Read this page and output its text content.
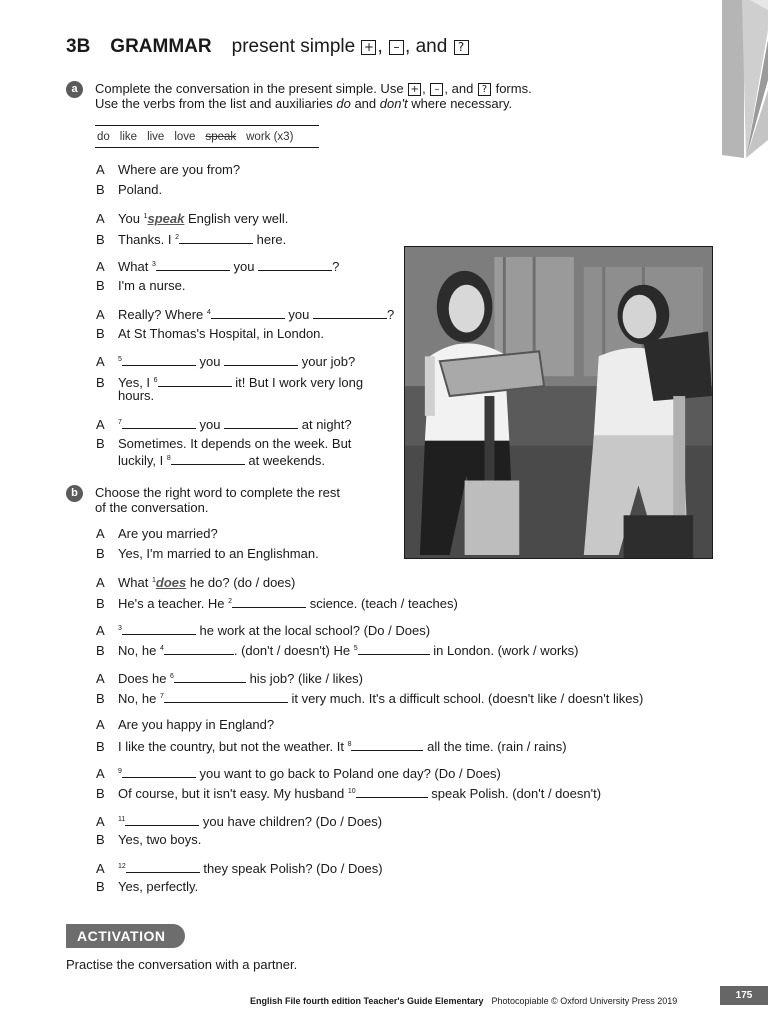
3B GRAMMAR present simple
+ ,
– , and
?
a	Complete the conversation in the present simple. Use + , – , and ? forms.
Use the verbs from the list and auxiliaries do and don't where necessary.
do like live love speak work (x3)
A Where are you from?
B Poland.
A You $^1$speak English very well.
B Thanks. I $^2$	here.
A What $^3$	you	?
B I'm a nurse.
A Really? Where $^4$	you	?
B At St Thomas's Hospital, in London.
A $^5$	you	your job?
B Yes, I $^6$	it! But I work very long
hours.
A $^7$	you	at night?
B Sometimes. It depends on the week. But
luckily, I $^8$	at weekends.
b	Choose the right word to complete the rest
of the conversation.
A Are you married?
B Yes, I'm married to an Englishman.
A What $^1$does he do? (do / does)
B He's a teacher. He $^2$	science. (teach / teaches)
A $^3$	he work at the local school? (Do / Does)
B No, he $^4$	. (don't / doesn't) He $^5$	in London. (work / works)
A Does he $^6$	his job? (like / likes)
B No, he $^7$	it very much. It's a difficult school. (doesn't like / doesn't likes)
A Are you happy in England?
B I like the country, but not the weather. It $^8$	all the time. (rain / rains)
A $^9$	you want to go back to Poland one day? (Do / Does)
B Of course, but it isn't easy. My husband $^{10}$	speak Polish. (don't / doesn't)
A $^{11}$	you have children? (Do / Does)
B Yes, two boys.
A $^{12}$	they speak Polish? (Do / Does)
B Yes, perfectly.
ACTIVATION
Practise the conversation with a partner.
English File fourth edition Teacher's Guide Elementary Photocopiable © Oxford University Press 2019	175
